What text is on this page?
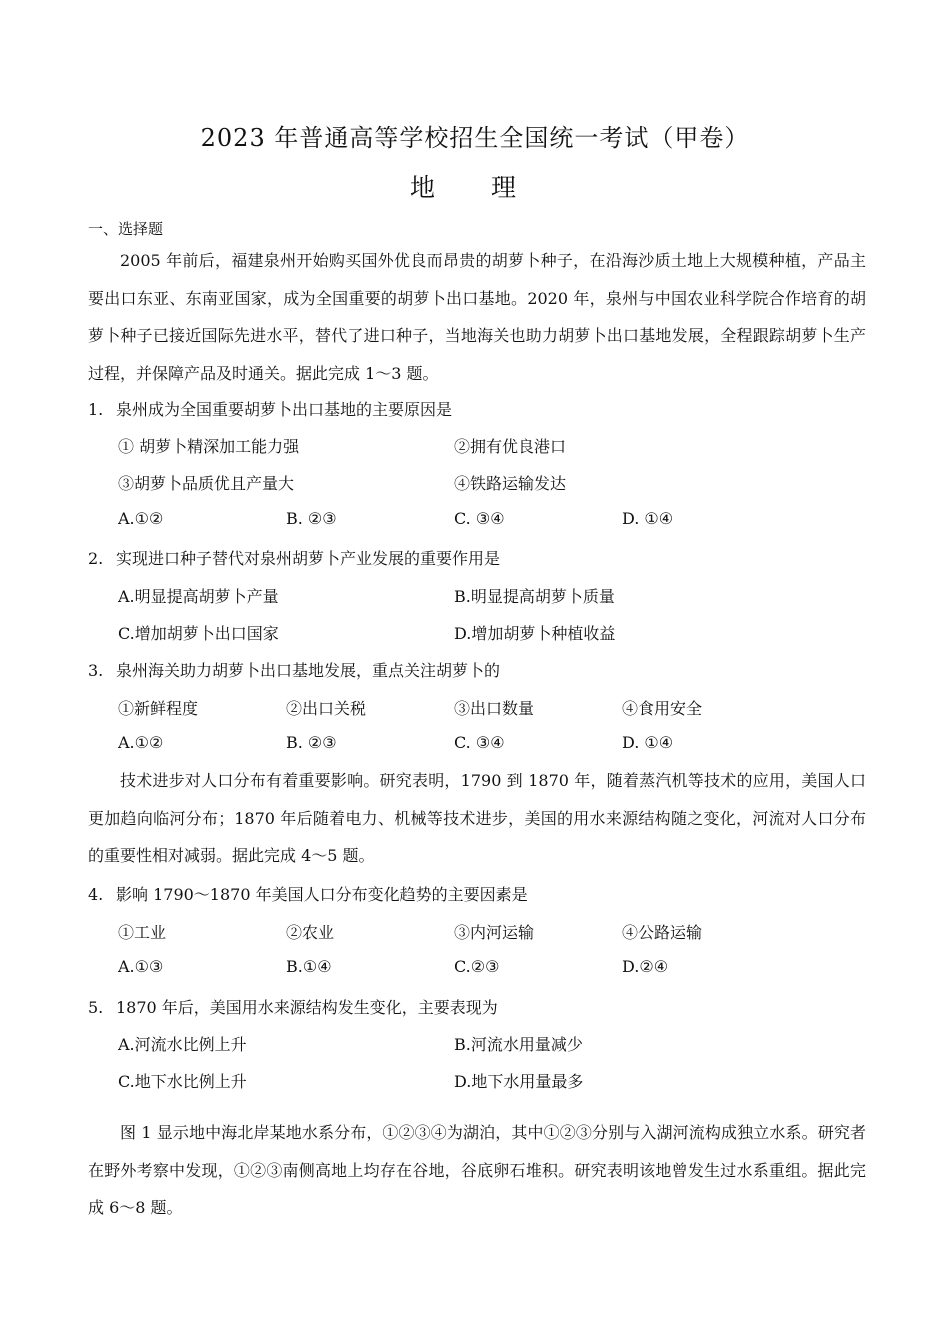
2023 年普通高等学校招生全国统一考试（甲卷）
地 理
一、选择题
2005 年前后，福建泉州开始购买国外优良而昂贵的胡萝卜种子，在沿海沙质土地上大规模种植，产品主要出口东亚、东南亚国家，成为全国重要的胡萝卜出口基地。2020 年，泉州与中国农业科学院合作培育的胡萝卜种子已接近国际先进水平，替代了进口种子，当地海关也助力胡萝卜出口基地发展，全程跟踪胡萝卜生产过程，并保障产品及时通关。据此完成 1～3 题。
1. 泉州成为全国重要胡萝卜出口基地的主要原因是
① 胡萝卜精深加工能力强	②拥有优良港口
③胡萝卜品质优且产量大	④铁路运输发达
A.①②	B. ②③	C. ③④	D. ①④
2. 实现进口种子替代对泉州胡萝卜产业发展的重要作用是
A.明显提高胡萝卜产量	B.明显提高胡萝卜质量
C.增加胡萝卜出口国家	D.增加胡萝卜种植收益
3. 泉州海关助力胡萝卜出口基地发展，重点关注胡萝卜的
①新鲜程度	②出口关税	③出口数量	④食用安全
A.①②	B. ②③	C. ③④	D. ①④
技术进步对人口分布有着重要影响。研究表明，1790 到 1870 年，随着蒸汽机等技术的应用，美国人口更加趋向临河分布；1870 年后随着电力、机械等技术进步，美国的用水来源结构随之变化，河流对人口分布的重要性相对减弱。据此完成 4～5 题。
4. 影响 1790～1870 年美国人口分布变化趋势的主要因素是
①工业	②农业	③内河运输	④公路运输
A.①③	B.①④	C.②③	D.②④
5. 1870 年后，美国用水来源结构发生变化，主要表现为
A.河流水比例上升	B.河流水用量减少
C.地下水比例上升	D.地下水用量最多
图 1 显示地中海北岸某地水系分布，①②③④为湖泊，其中①②③分别与入湖河流构成独立水系。研究者在野外考察中发现，①②③南侧高地上均存在谷地，谷底卵石堆积。研究表明该地曾发生过水系重组。据此完成 6～8 题。
